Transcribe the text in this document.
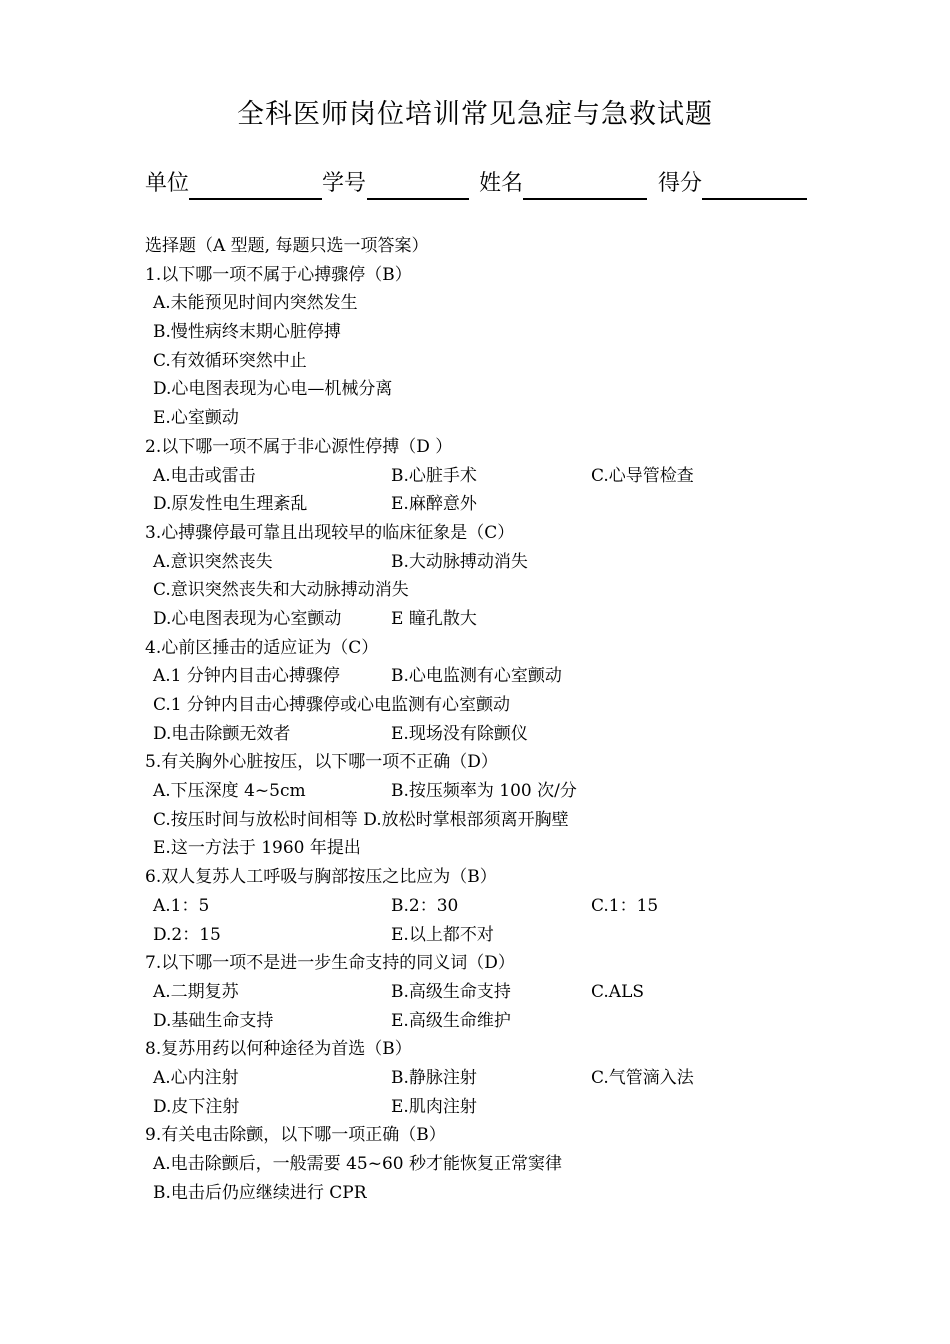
全科医师岗位培训常见急症与急救试题
单位	学号	姓名	得分
选择题（A 型题, 每题只选一项答案）
1.以下哪一项不属于心搏骤停（B）
A.未能预见时间内突然发生
B.慢性病终末期心脏停搏
C.有效循环突然中止
D.心电图表现为心电—机械分离
E.心室颤动
2.以下哪一项不属于非心源性停搏（D ）
A.电击或雷击	B.心脏手术	C.心导管检查
D.原发性电生理紊乱	E.麻醉意外
3.心搏骤停最可靠且出现较早的临床征象是（C）
A.意识突然丧失	B.大动脉搏动消失
C.意识突然丧失和大动脉搏动消失
D.心电图表现为心室颤动	E 瞳孔散大
4.心前区捶击的适应证为（C）
A.1 分钟内目击心搏骤停	B.心电监测有心室颤动
C.1 分钟内目击心搏骤停或心电监测有心室颤动
D.电击除颤无效者	E.现场没有除颤仪
5.有关胸外心脏按压，以下哪一项不正确（D）
A.下压深度 4~5cm	B.按压频率为 100 次/分
C.按压时间与放松时间相等 D.放松时掌根部须离开胸壁
E.这一方法于 1960 年提出
6.双人复苏人工呼吸与胸部按压之比应为（B）
A.1：5	B.2：30	C.1：15
D.2：15	E.以上都不对
7.以下哪一项不是进一步生命支持的同义词（D）
A.二期复苏	B.高级生命支持	C.ALS
D.基础生命支持	E.高级生命维护
8.复苏用药以何种途径为首选（B）
A.心内注射	B.静脉注射	C.气管滴入法
D.皮下注射	E.肌肉注射
9.有关电击除颤，以下哪一项正确（B）
A.电击除颤后，一般需要 45~60 秒才能恢复正常窦律
B.电击后仍应继续进行 CPR
